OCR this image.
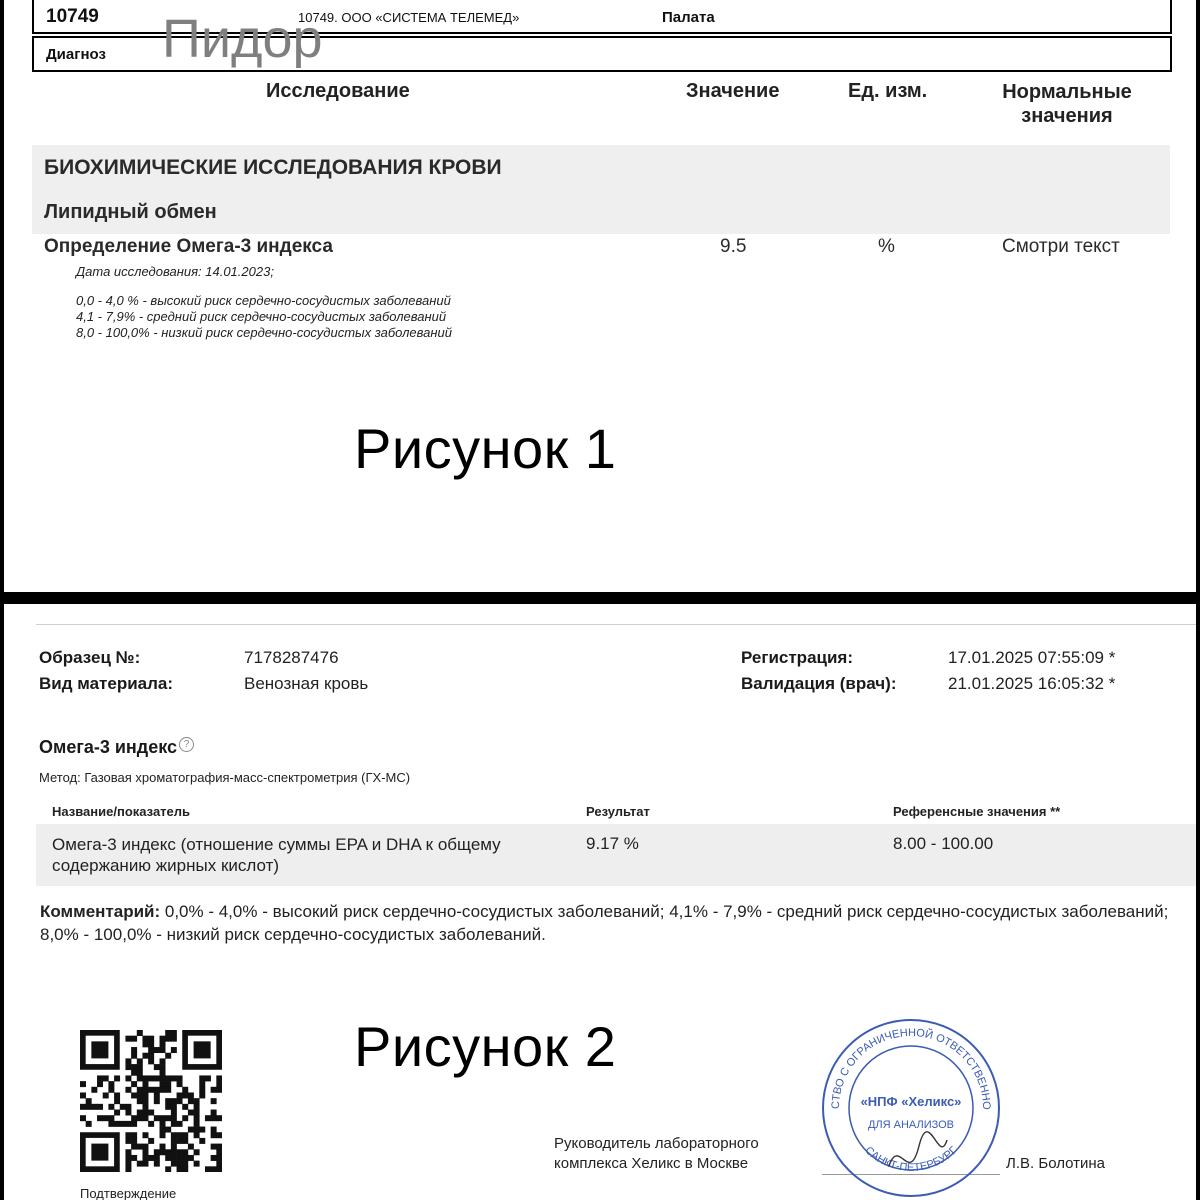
10749	10749. ООО «СИСТЕМА ТЕЛЕМЕД»	Палата
Диагноз Пидор
Исследование	Значение	Ед. изм.	Нормальные
значения
БИОХИМИЧЕСКИЕ ИССЛЕДОВАНИЯ КРОВИ
Липидный обмен
Определение Омега-3 индекса	9.5	%	Смотри текст
Дата исследования: 14.01.2023;
0,0 - 4,0 % - высокий риск сердечно-сосудистых заболеваний
4,1 - 7,9% - средний риск сердечно-сосудистых заболеваний
8,0 - 100,0% - низкий риск сердечно-сосудистых заболеваний
Рисунок 1
Образец №:	7178287476
Вид материала:	Венозная кровь
Регистрация:	17.01.2025 07:55:09 *
Валидация (врач):	21.01.2025 16:05:32 *
Омега-3 индекс ?
Метод: Газовая хроматография-масс-спектрометрия (ГХ-МС)
Название/показатель	Результат	Референсные значения **
Омега-3 индекс (отношение суммы EPA и DHA к общему содержанию жирных кислот)
9.17 %	8.00 - 100.00
Комментарий: 0,0% - 4,0% - высокий риск сердечно-сосудистых заболеваний; 4,1% - 7,9% - средний риск сердечно-сосудистых заболеваний; 8,0% - 100,0% - низкий риск сердечно-сосудистых заболеваний.
Рисунок 2
Подтверждение
Руководитель лабораторного
комплекса Хеликс в Москве	Л.В. Болотина
СТВО С ОГРАНИЧЕННОЙ ОТВЕТСТВЕННО
«НПФ «Хеликс»
ДЛЯ АНАЛИЗОВ
САНКТ-ПЕТЕРБУРГ
